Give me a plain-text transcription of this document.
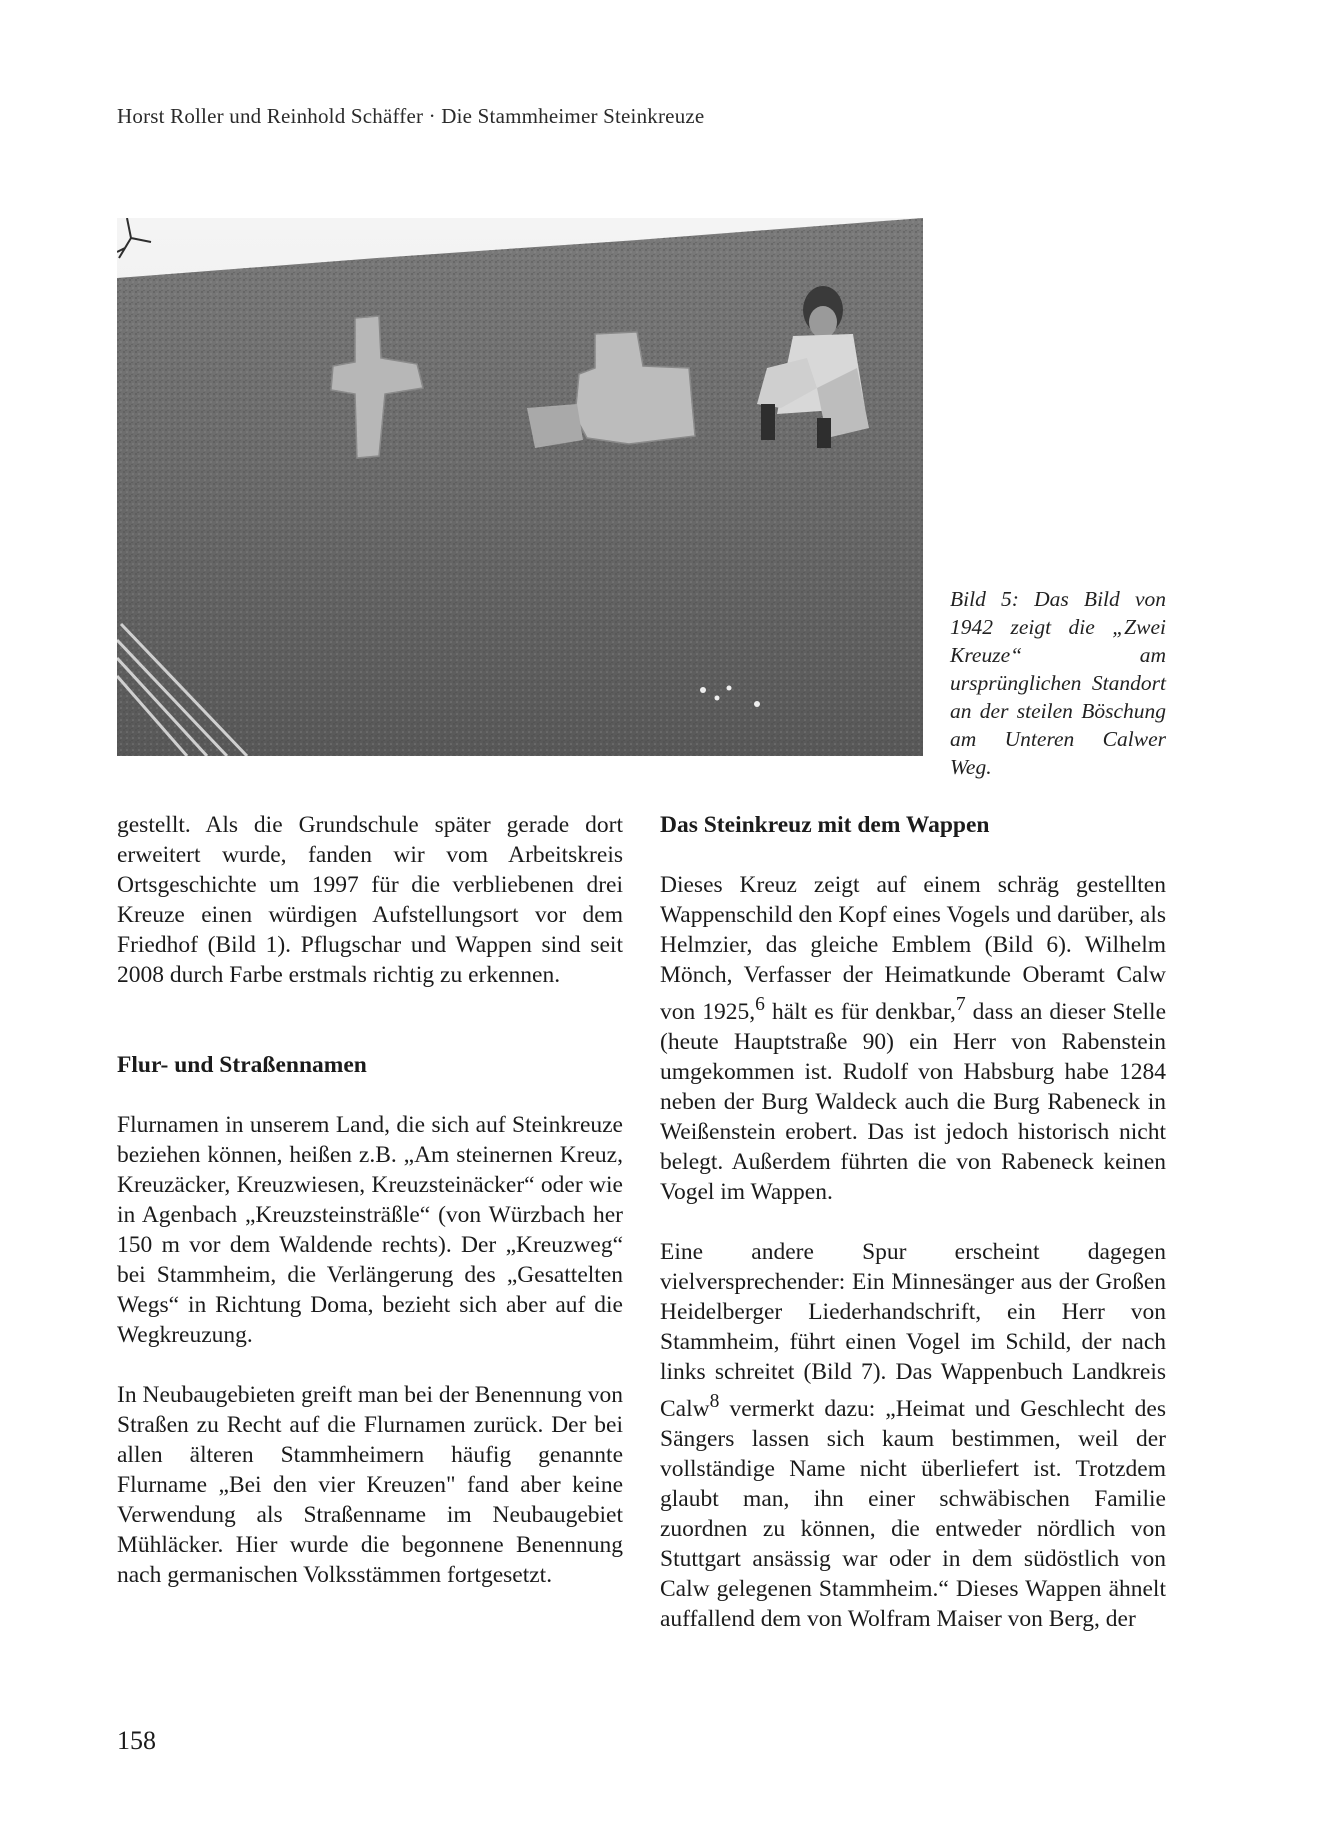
Horst Roller und Reinhold Schäffer · Die Stammheimer Steinkreuze
Bild 5: Das Bild von 1942 zeigt die „Zwei Kreuze“ am ursprünglichen Standort an der steilen Böschung am Unteren Calwer Weg.

gestellt. Als die Grundschule später gerade dort erweitert wurde, fanden wir vom Arbeitskreis Ortsgeschichte um 1997 für die verbliebenen drei Kreuze einen würdigen Aufstellungsort vor dem Friedhof (Bild 1). Pflugschar und Wappen sind seit 2008 durch Farbe erstmals richtig zu erkennen.

Flur- und Straßennamen

Flurnamen in unserem Land, die sich auf Steinkreuze beziehen können, heißen z.B. „Am steinernen Kreuz, Kreuzäcker, Kreuzwiesen, Kreuzsteinäcker“ oder wie in Agenbach „Kreuzsteinsträßle“ (von Würzbach her 150 m vor dem Waldende rechts). Der „Kreuzweg“ bei Stammheim, die Verlängerung des „Gesattelten Wegs“ in Richtung Doma, bezieht sich aber auf die Wegkreuzung.

In Neubaugebieten greift man bei der Benennung von Straßen zu Recht auf die Flurnamen zurück. Der bei allen älteren Stammheimern häufig genannte Flurname „Bei den vier Kreuzen" fand aber keine Verwendung als Straßenname im Neubaugebiet Mühläcker. Hier wurde die begonnene Benennung nach germanischen Volksstämmen fortgesetzt.

Das Steinkreuz mit dem Wappen

Dieses Kreuz zeigt auf einem schräg gestellten Wappenschild den Kopf eines Vogels und darüber, als Helmzier, das gleiche Emblem (Bild 6). Wilhelm Mönch, Verfasser der Heimatkunde Oberamt Calw von 1925,$^6$ hält es für denkbar,$^7$ dass an dieser Stelle (heute Hauptstraße 90) ein Herr von Rabenstein umgekommen ist. Rudolf von Habsburg habe 1284 neben der Burg Waldeck auch die Burg Rabeneck in Weißenstein erobert. Das ist jedoch historisch nicht belegt. Außerdem führten die von Rabeneck keinen Vogel im Wappen.

Eine andere Spur erscheint dagegen vielversprechender: Ein Minnesänger aus der Großen Heidelberger Liederhandschrift, ein Herr von Stammheim, führt einen Vogel im Schild, der nach links schreitet (Bild 7). Das Wappenbuch Landkreis Calw$^8$ vermerkt dazu: „Heimat und Geschlecht des Sängers lassen sich kaum bestimmen, weil der vollständige Name nicht überliefert ist. Trotzdem glaubt man, ihn einer schwäbischen Familie zuordnen zu können, die entweder nördlich von Stuttgart ansässig war oder in dem südöstlich von Calw gelegenen Stammheim.“ Dieses Wappen ähnelt auffallend dem von Wolfram Maiser von Berg, der

158
